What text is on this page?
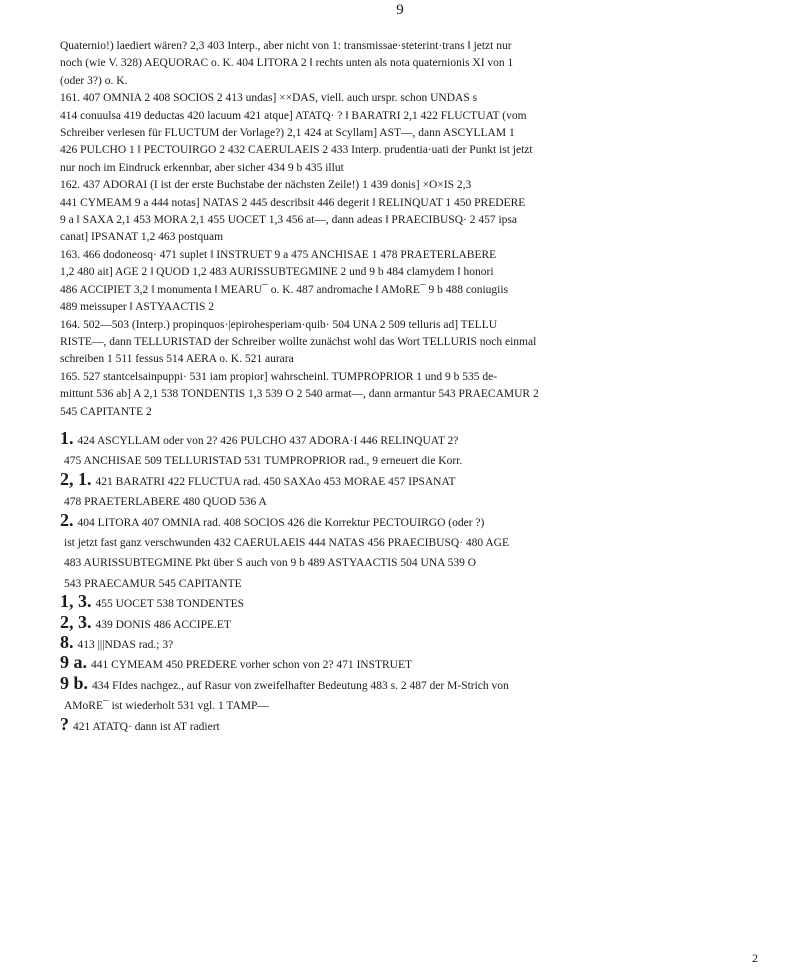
9
Quaternio!) laediert wären? 2,3 403 Interp., aber nicht von 1: transmissae·steterint·trans ‖ jetzt nur
noch (wie V. 328) AEQUORAC o. K. 404 LITORA 2 ‖ rechts unten als nota quaternionis XI von 1
(oder 3?) o. K.
161. 407 OMNIA 2 408 SOCIOS 2 413 undas] ××DAS, viell. auch urspr. schon UNDAS s
414 conuulsa 419 deductas 420 lacuum 421 atque] ATATQ· ? ‖ BARATRI 2,1 422 FLUCTUAT (vom
Schreiber verlesen für FLUCTUM der Vorlage?) 2,1 424 at Scyllam] AST—, dann ASCYLLAM 1
426 PULCHO 1 ‖ PECTOUIRGO 2 432 CAERULAEIS 2 433 Interp. prudentia·uati der Punkt ist jetzt
nur noch im Eindruck erkennbar, aber sicher 434 9 b 435 illut
162. 437 ADORAI (I ist der erste Buchstabe der nächsten Zeile!) 1 439 donis] ×O×IS 2,3
441 CYMEAM 9 a 444 notas] NATAS 2 445 describsit 446 degerit ‖ RELINQUAT 1 450 PREDERE
9 a ‖ SAXA 2,1 453 MORA 2,1 455 UOCET 1,3 456 at—, dann adeas ‖ PRAECIBUSQ· 2 457 ipsa
canat] IPSANAT 1,2 463 postquam
163. 466 dodoneosq· 471 suplet ‖ INSTRUET 9 a 475 ANCHISAE 1 478 PRAETERLABERE
1,2 480 ait] AGE 2 ‖ QUOD 1,2 483 AURISSUBTEGMINE 2 und 9 b 484 clamydem ‖ honori
486 ACCIPIET 3,2 ‖ monumenta ‖ MEARU¯ o. K. 487 andromache ‖ AMoRE¯ 9 b 488 coniugiis
489 meissuper ‖ ASTYAACTIS 2
164. 502—503 (Interp.) propinquos·|epirohesperiam·quib· 504 UNA 2 509 telluris ad] TELLU
RISTE—, dann TELLURISTAD der Schreiber wollte zunächst wohl das Wort TELLURIS noch einmal
schreiben 1 511 fessus 514 AERA o. K. 521 aurara
165. 527 stantcelsainpuppi· 531 iam propior] wahrscheinl. TUMPROPRIOR 1 und 9 b 535 de-
mittunt 536 ab] A 2,1 538 TONDENTIS 1,3 539 O 2 540 armat—, dann armantur 543 PRAECAMUR 2
545 CAPITANTE 2
1. 424 ASCYLLAM oder von 2? 426 PULCHO 437 ADORA·I 446 RELINQUAT 2?
475 ANCHISAE 509 TELLURISTAD 531 TUMPROPRIOR rad., 9 erneuert die Korr.
2, 1. 421 BARATRI 422 FLUCTUA rad. 450 SAXAo 453 MORAE 457 IPSANAT
478 PRAETERLABERE 480 QUOD 536 A
2. 404 LITORA 407 OMNIA rad. 408 SOCIOS 426 die Korrektur PECTOUIRGO (oder ?)
ist jetzt fast ganz verschwunden 432 CAERULAEIS 444 NATAS 456 PRAECIBUSQ· 480 AGE
483 AURISSUBTEGMINE Pkt über S auch von 9 b 489 ASTYAACTIS 504 UNA 539 O
543 PRAECAMUR 545 CAPITANTE
1, 3. 455 UOCET 538 TONDENTES
2, 3. 439 DONIS 486 ACCIPE.ET
8. 413 |||NDAS rad.; 3?
9 a. 441 CYMEAM 450 PREDERE vorher schon von 2? 471 INSTRUET
9 b. 434 FIdes nachgez., auf Rasur von zweifelhafter Bedeutung 483 s. 2 487 der M-Strich von
AMoRE¯ ist wiederholt 531 vgl. 1 TAMP—
? 421 ATATQ· dann ist AT radiert
2
